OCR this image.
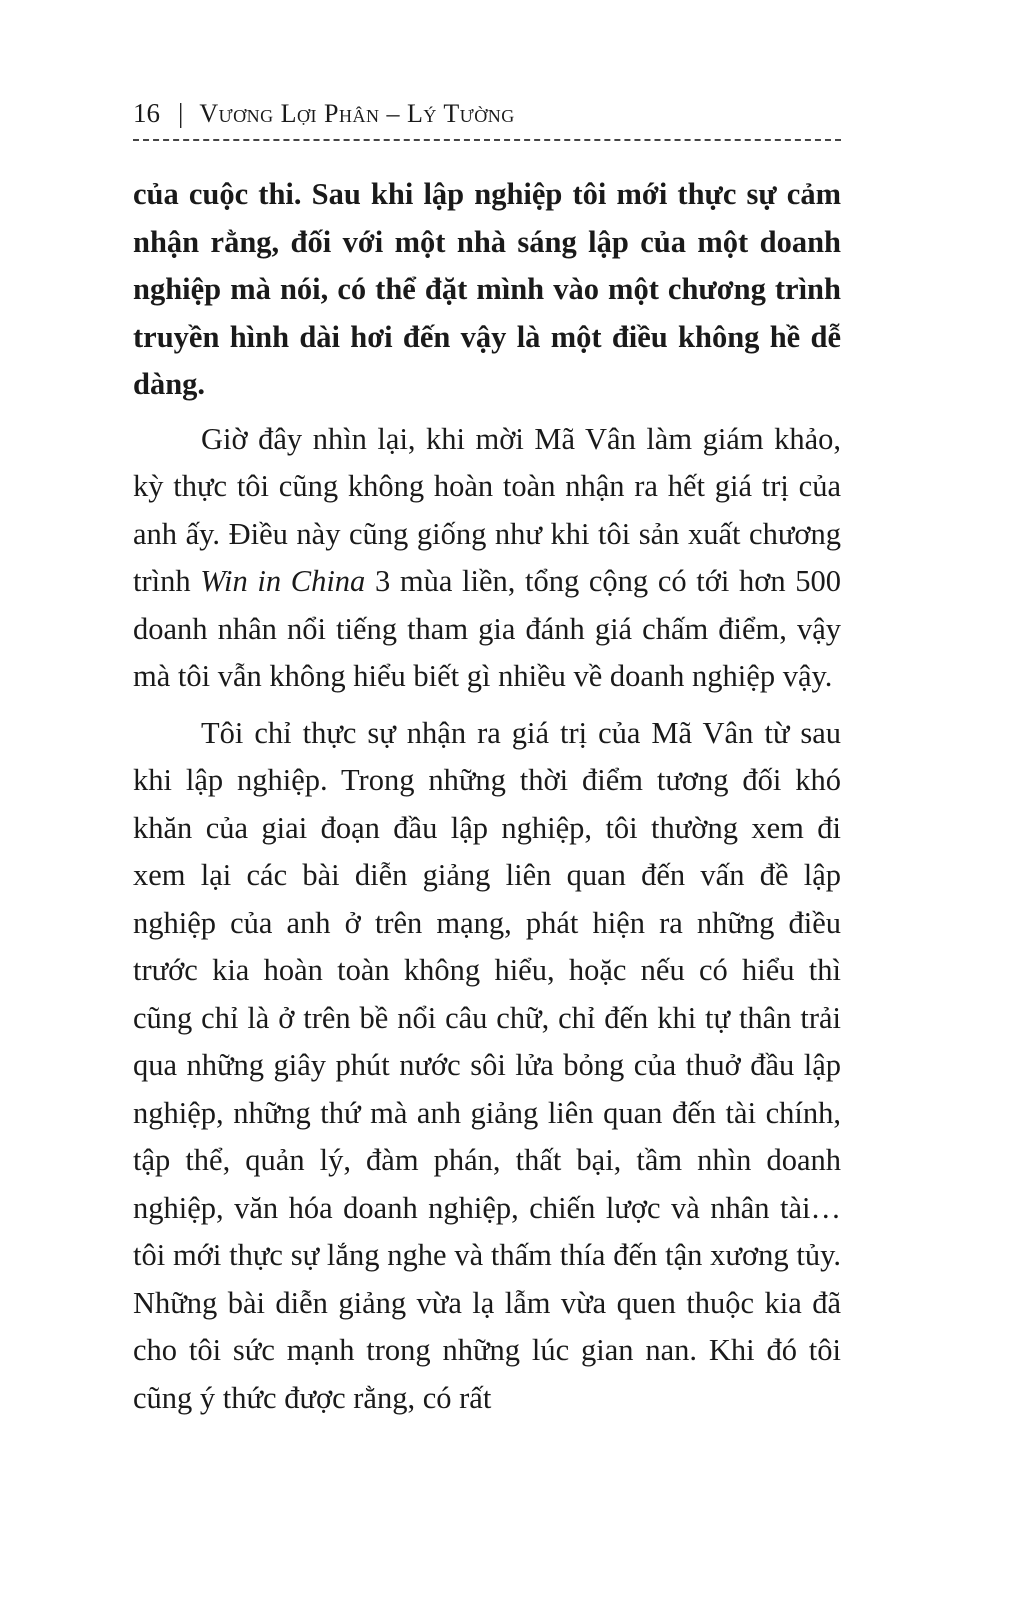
16 | Vương Lợi Phân – Lý Tường

của cuộc thi. Sau khi lập nghiệp tôi mới thực sự cảm nhận rằng, đối với một nhà sáng lập của một doanh nghiệp mà nói, có thể đặt mình vào một chương trình truyền hình dài hơi đến vậy là một điều không hề dễ dàng.

Giờ đây nhìn lại, khi mời Mã Vân làm giám khảo, kỳ thực tôi cũng không hoàn toàn nhận ra hết giá trị của anh ấy. Điều này cũng giống như khi tôi sản xuất chương trình Win in China 3 mùa liền, tổng cộng có tới hơn 500 doanh nhân nổi tiếng tham gia đánh giá chấm điểm, vậy mà tôi vẫn không hiểu biết gì nhiều về doanh nghiệp vậy.

Tôi chỉ thực sự nhận ra giá trị của Mã Vân từ sau khi lập nghiệp. Trong những thời điểm tương đối khó khăn của giai đoạn đầu lập nghiệp, tôi thường xem đi xem lại các bài diễn giảng liên quan đến vấn đề lập nghiệp của anh ở trên mạng, phát hiện ra những điều trước kia hoàn toàn không hiểu, hoặc nếu có hiểu thì cũng chỉ là ở trên bề nổi câu chữ, chỉ đến khi tự thân trải qua những giây phút nước sôi lửa bỏng của thuở đầu lập nghiệp, những thứ mà anh giảng liên quan đến tài chính, tập thể, quản lý, đàm phán, thất bại, tầm nhìn doanh nghiệp, văn hóa doanh nghiệp, chiến lược và nhân tài… tôi mới thực sự lắng nghe và thấm thía đến tận xương tủy. Những bài diễn giảng vừa lạ lẫm vừa quen thuộc kia đã cho tôi sức mạnh trong những lúc gian nan. Khi đó tôi cũng ý thức được rằng, có rất
